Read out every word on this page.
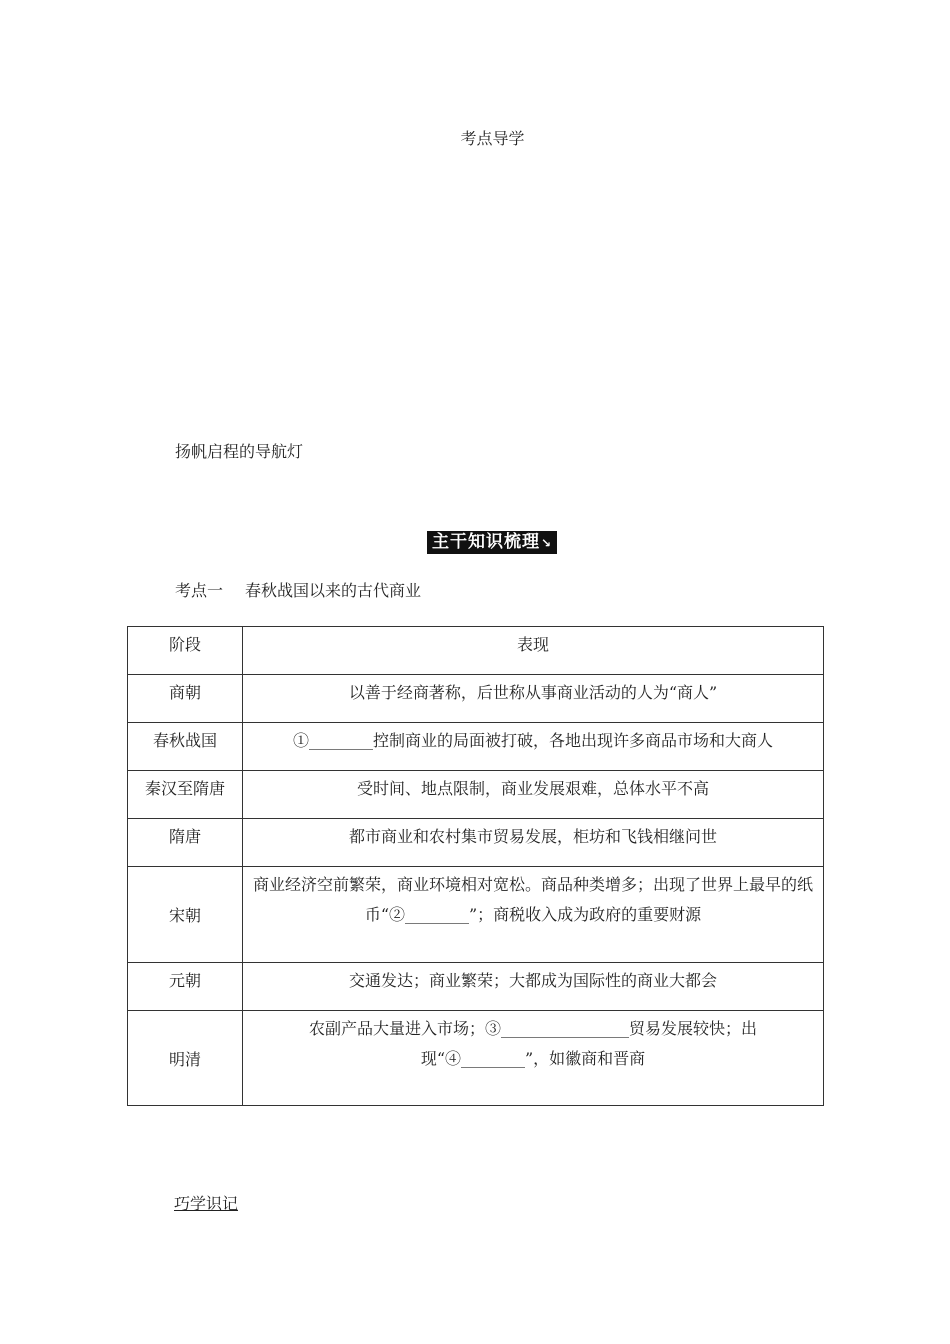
考点导学
扬帆启程的导航灯
主干知识梳理↘
考点一 春秋战国以来的古代商业
阶段	表现
商朝	以善于经商著称，后世称从事商业活动的人为“商人”
春秋战国	①________控制商业的局面被打破，各地出现许多商品市场和大商人
秦汉至隋唐	受时间、地点限制，商业发展艰难，总体水平不高
隋唐	都市商业和农村集市贸易发展，柜坊和飞钱相继问世
宋朝	商业经济空前繁荣，商业环境相对宽松。商品种类增多；出现了世界上最早的纸币“②________”；商税收入成为政府的重要财源
元朝	交通发达；商业繁荣；大都成为国际性的商业大都会
明清	农副产品大量进入市场；③________________贸易发展较快；出现“④________”，如徽商和晋商
巧学识记
